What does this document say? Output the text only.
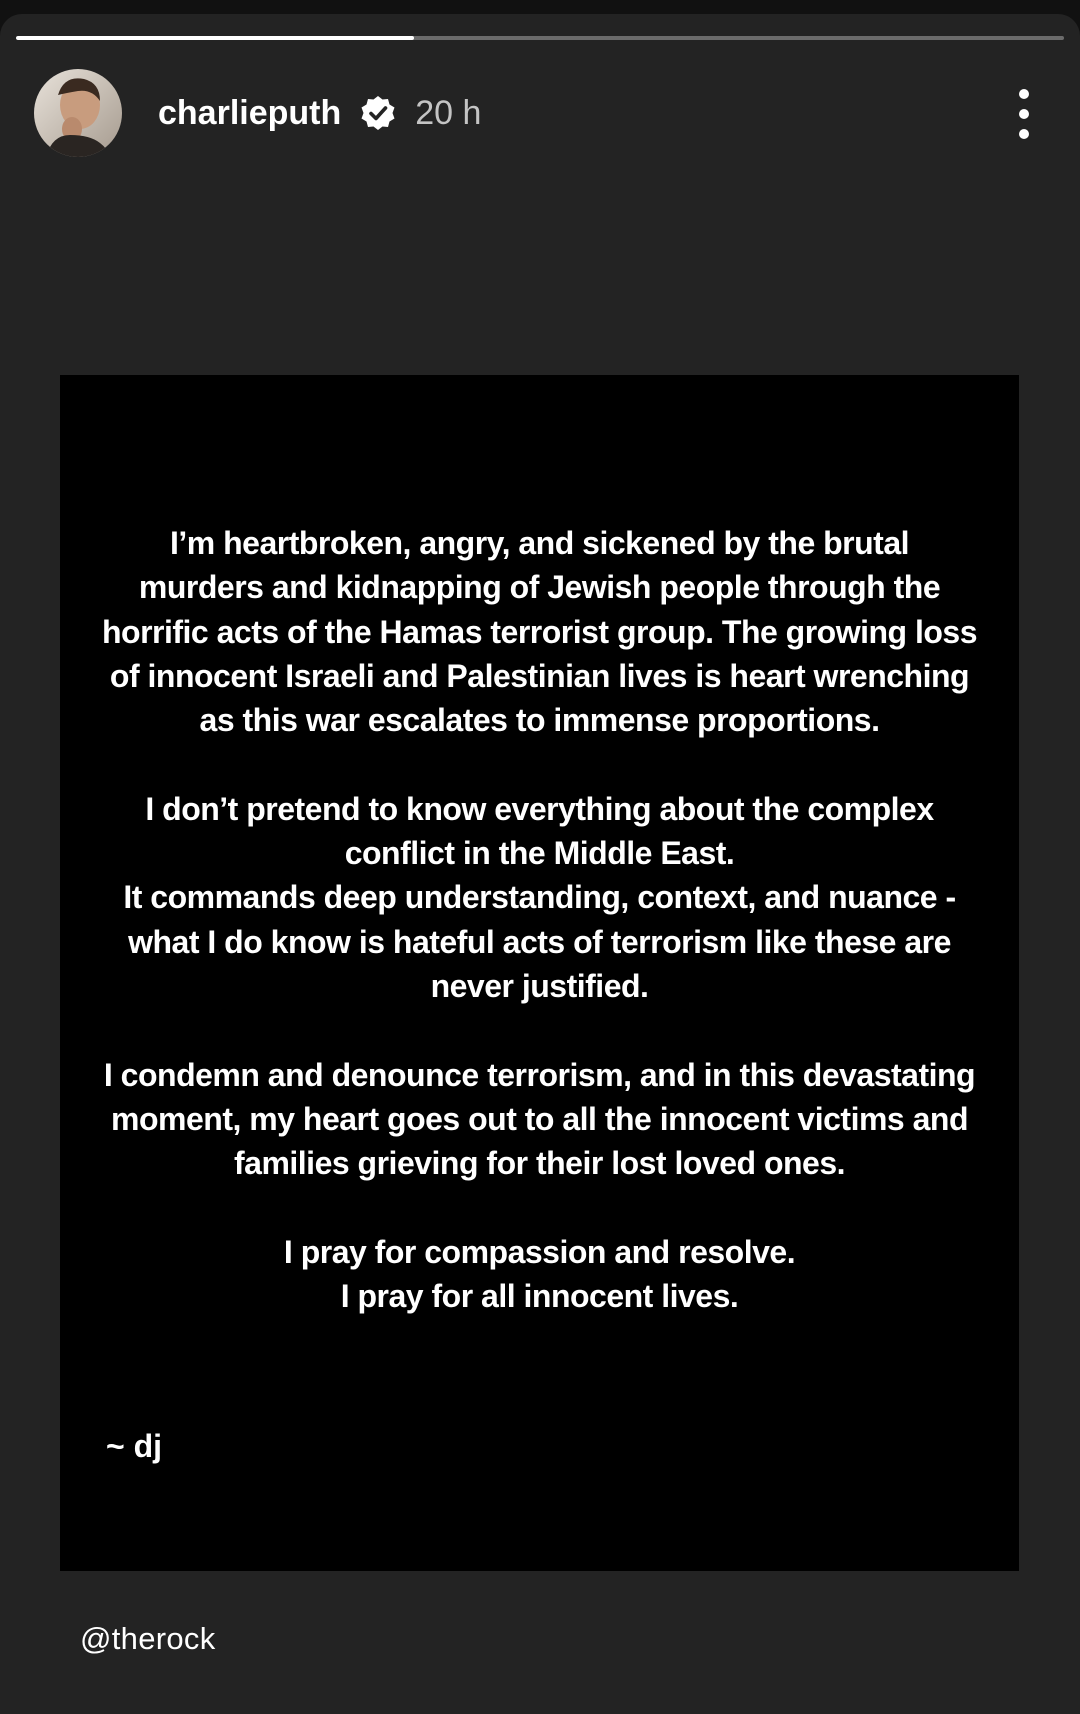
charlieputh 20 h

I’m heartbroken, angry, and sickened by the brutal
murders and kidnapping of Jewish people through the
horrific acts of the Hamas terrorist group. The growing loss
of innocent Israeli and Palestinian lives is heart wrenching
as this war escalates to immense proportions.

I don’t pretend to know everything about the complex
conflict in the Middle East.
It commands deep understanding, context, and nuance -
what I do know is hateful acts of terrorism like these are
never justified.

I condemn and denounce terrorism, and in this devastating
moment, my heart goes out to all the innocent victims and
families grieving for their lost loved ones.

I pray for compassion and resolve.
I pray for all innocent lives.

~ dj
@therock
